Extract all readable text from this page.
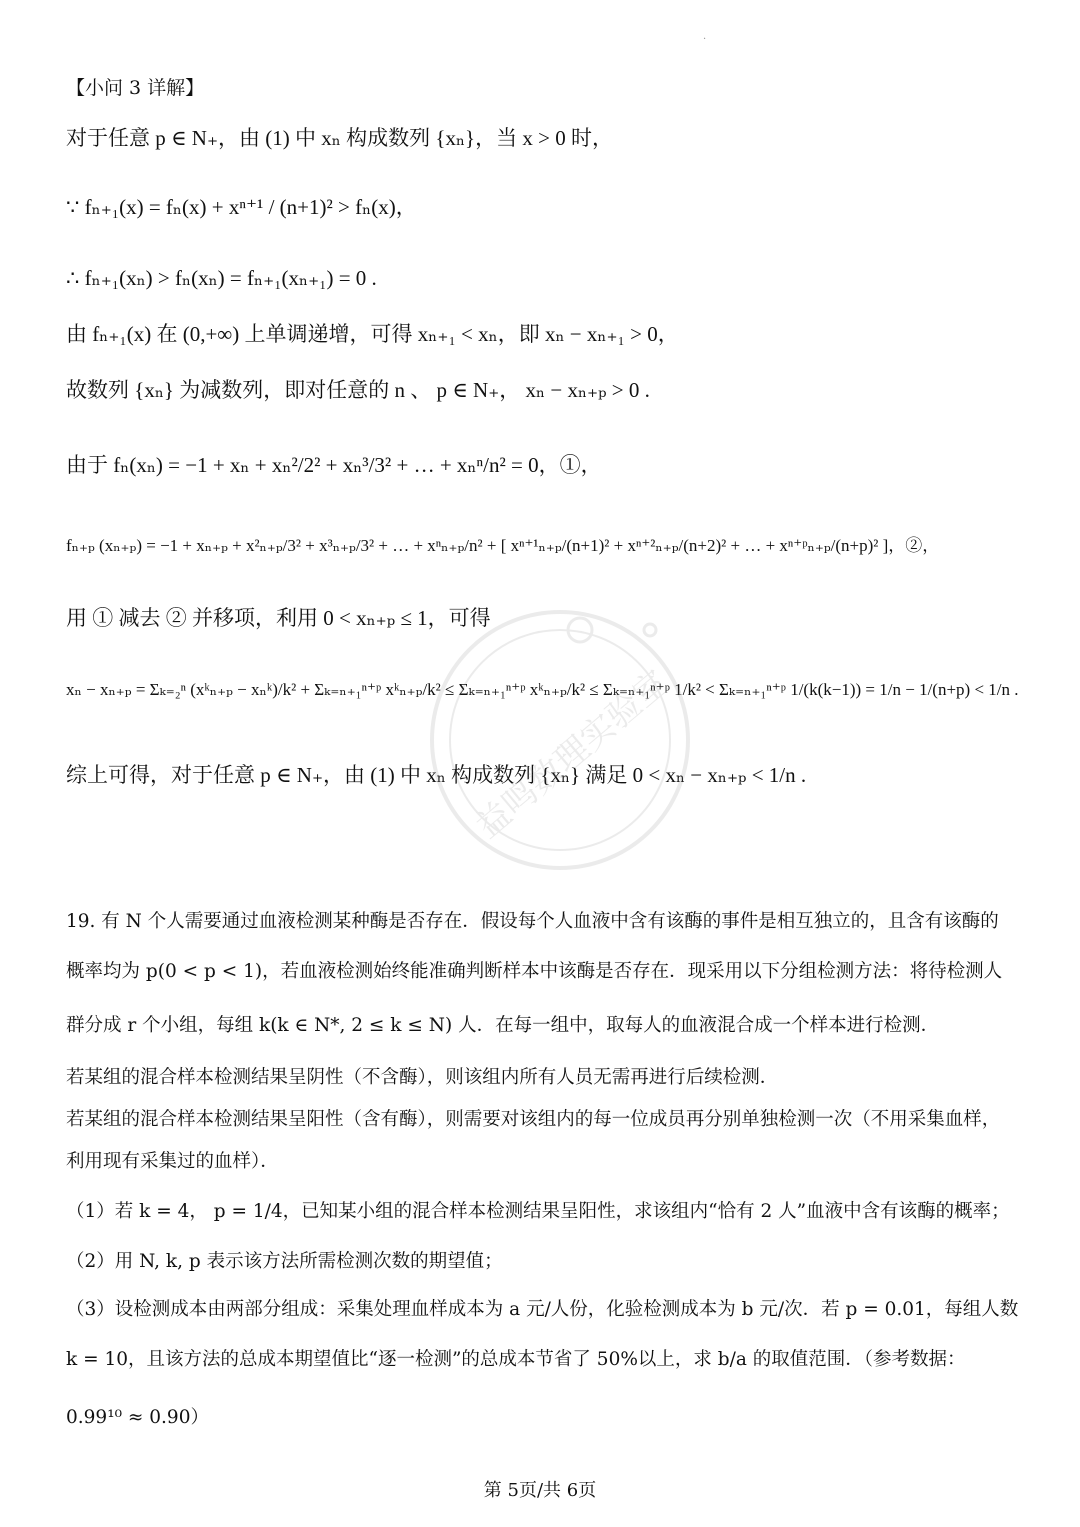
·
【小问 3 详解】
对于任意 p ∈ N₊，由 (1) 中 xₙ 构成数列 {xₙ}，当 x > 0 时，
∵ fₙ₊₁(x) = fₙ(x) + xⁿ⁺¹ / (n+1)² > fₙ(x)，
∴ fₙ₊₁(xₙ) > fₙ(xₙ) = fₙ₊₁(xₙ₊₁) = 0 .
由 fₙ₊₁(x) 在 (0,+∞) 上单调递增，可得 xₙ₊₁ < xₙ，即 xₙ − xₙ₊₁ > 0，
故数列 {xₙ} 为减数列，即对任意的 n 、 p ∈ N₊， xₙ − xₙ₊ₚ > 0 .
由于 fₙ(xₙ) = −1 + xₙ + xₙ²/2² + xₙ³/3² + … + xₙⁿ/n² = 0，①，
fₙ₊ₚ (xₙ₊ₚ) = −1 + xₙ₊ₚ + x²ₙ₊ₚ/3² + x³ₙ₊ₚ/3² + … + xⁿₙ₊ₚ/n² + [ xⁿ⁺¹ₙ₊ₚ/(n+1)² + xⁿ⁺²ₙ₊ₚ/(n+2)² + … + xⁿ⁺ᵖₙ₊ₚ/(n+p)² ]，②，
用 ① 减去 ② 并移项，利用 0 < xₙ₊ₚ ≤ 1，可得
xₙ − xₙ₊ₚ = Σₖ₌₂ⁿ (xᵏₙ₊ₚ − xₙᵏ)/k² + Σₖ₌ₙ₊₁ⁿ⁺ᵖ xᵏₙ₊ₚ/k² ≤ Σₖ₌ₙ₊₁ⁿ⁺ᵖ xᵏₙ₊ₚ/k² ≤ Σₖ₌ₙ₊₁ⁿ⁺ᵖ 1/k² < Σₖ₌ₙ₊₁ⁿ⁺ᵖ 1/(k(k−1)) = 1/n − 1/(n+p) < 1/n .
综上可得，对于任意 p ∈ N₊，由 (1) 中 xₙ 构成数列 {xₙ} 满足 0 < xₙ − xₙ₊ₚ < 1/n .
19. 有 N 个人需要通过血液检测某种酶是否存在．假设每个人血液中含有该酶的事件是相互独立的，且含有该酶的
概率均为 p(0 < p < 1)，若血液检测始终能准确判断样本中该酶是否存在．现采用以下分组检测方法：将待检测人
群分成 r 个小组，每组 k(k ∈ N*, 2 ≤ k ≤ N) 人．在每一组中，取每人的血液混合成一个样本进行检测．
若某组的混合样本检测结果呈阴性（不含酶），则该组内所有人员无需再进行后续检测．
若某组的混合样本检测结果呈阳性（含有酶），则需要对该组内的每一位成员再分别单独检测一次（不用采集血样，
利用现有采集过的血样）．
（1）若 k = 4， p = 1/4，已知某小组的混合样本检测结果呈阳性，求该组内“恰有 2 人”血液中含有该酶的概率；
（2）用 N, k, p 表示该方法所需检测次数的期望值；
（3）设检测成本由两部分组成：采集处理血样成本为 a 元/人份，化验检测成本为 b 元/次．若 p = 0.01，每组人数
k = 10，且该方法的总成本期望值比“逐一检测”的总成本节省了 50%以上，求 b/a 的取值范围．（参考数据：
0.99¹⁰ ≈ 0.90）
益鸣数理实验室
第 5页/共 6页
